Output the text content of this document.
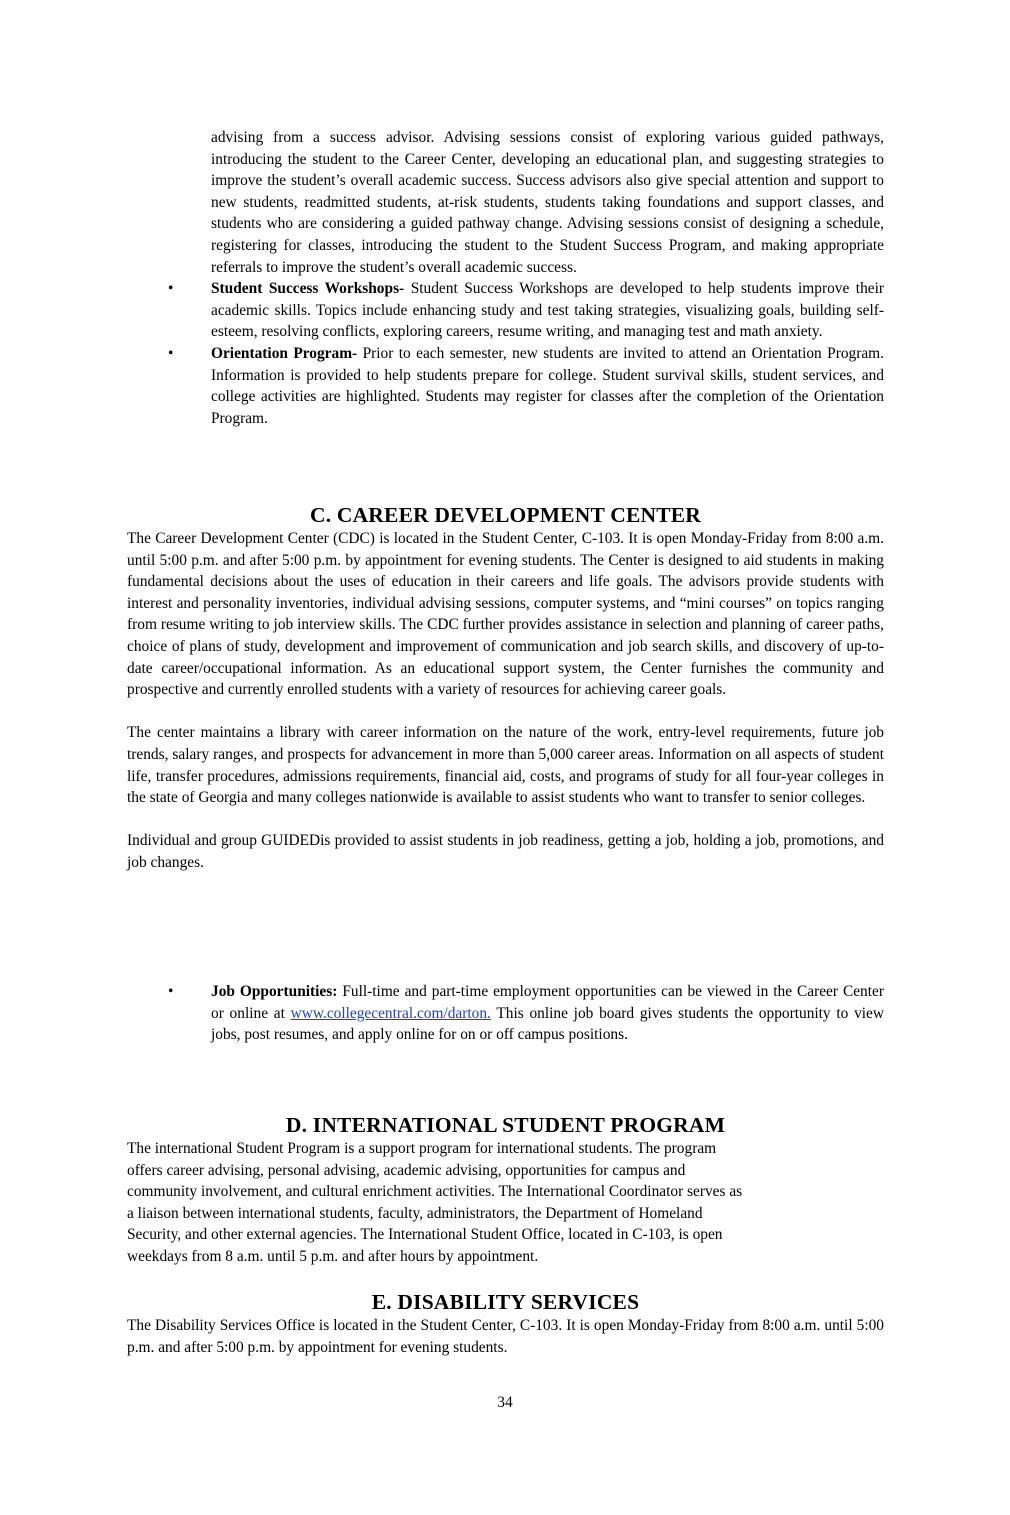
advising from a success advisor. Advising sessions consist of exploring various guided pathways, introducing the student to the Career Center, developing an educational plan, and suggesting strategies to improve the student’s overall academic success. Success advisors also give special attention and support to new students, readmitted students, at-risk students, students taking foundations and support classes, and students who are considering a guided pathway change. Advising sessions consist of designing a schedule, registering for classes, introducing the student to the Student Success Program, and making appropriate referrals to improve the student’s overall academic success.

• Student Success Workshops- Student Success Workshops are developed to help students improve their academic skills. Topics include enhancing study and test taking strategies, visualizing goals, building self-esteem, resolving conflicts, exploring careers, resume writing, and managing test and math anxiety.
• Orientation Program- Prior to each semester, new students are invited to attend an Orientation Program. Information is provided to help students prepare for college. Student survival skills, student services, and college activities are highlighted. Students may register for classes after the completion of the Orientation Program.
C. CAREER DEVELOPMENT CENTER

The Career Development Center (CDC) is located in the Student Center, C-103. It is open Monday-Friday from 8:00 a.m. until 5:00 p.m. and after 5:00 p.m. by appointment for evening students. The Center is designed to aid students in making fundamental decisions about the uses of education in their careers and life goals. The advisors provide students with interest and personality inventories, individual advising sessions, computer systems, and “mini courses” on topics ranging from resume writing to job interview skills. The CDC further provides assistance in selection and planning of career paths, choice of plans of study, development and improvement of communication and job search skills, and discovery of up-to-date career/occupational information. As an educational support system, the Center furnishes the community and prospective and currently enrolled students with a variety of resources for achieving career goals.

The center maintains a library with career information on the nature of the work, entry-level requirements, future job trends, salary ranges, and prospects for advancement in more than 5,000 career areas. Information on all aspects of student life, transfer procedures, admissions requirements, financial aid, costs, and programs of study for all four-year colleges in the state of Georgia and many colleges nationwide is available to assist students who want to transfer to senior colleges.

Individual and group GUIDEDis provided to assist students in job readiness, getting a job, holding a job, promotions, and job changes.

• Job Opportunities: Full-time and part-time employment opportunities can be viewed in the Career Center or online at www.collegecentral.com/darton. This online job board gives students the opportunity to view jobs, post resumes, and apply online for on or off campus positions.
D. INTERNATIONAL STUDENT PROGRAM
The international Student Program is a support program for international students. The program
offers career advising, personal advising, academic advising, opportunities for campus and
community involvement, and cultural enrichment activities. The International Coordinator serves as
a liaison between international students, faculty, administrators, the Department of Homeland
Security, and other external agencies. The International Student Office, located in C-103, is open
weekdays from 8 a.m. until 5 p.m. and after hours by appointment.
E. DISABILITY SERVICES

The Disability Services Office is located in the Student Center, C-103. It is open Monday-Friday from 8:00 a.m. until 5:00 p.m. and after 5:00 p.m. by appointment for evening students.

34
